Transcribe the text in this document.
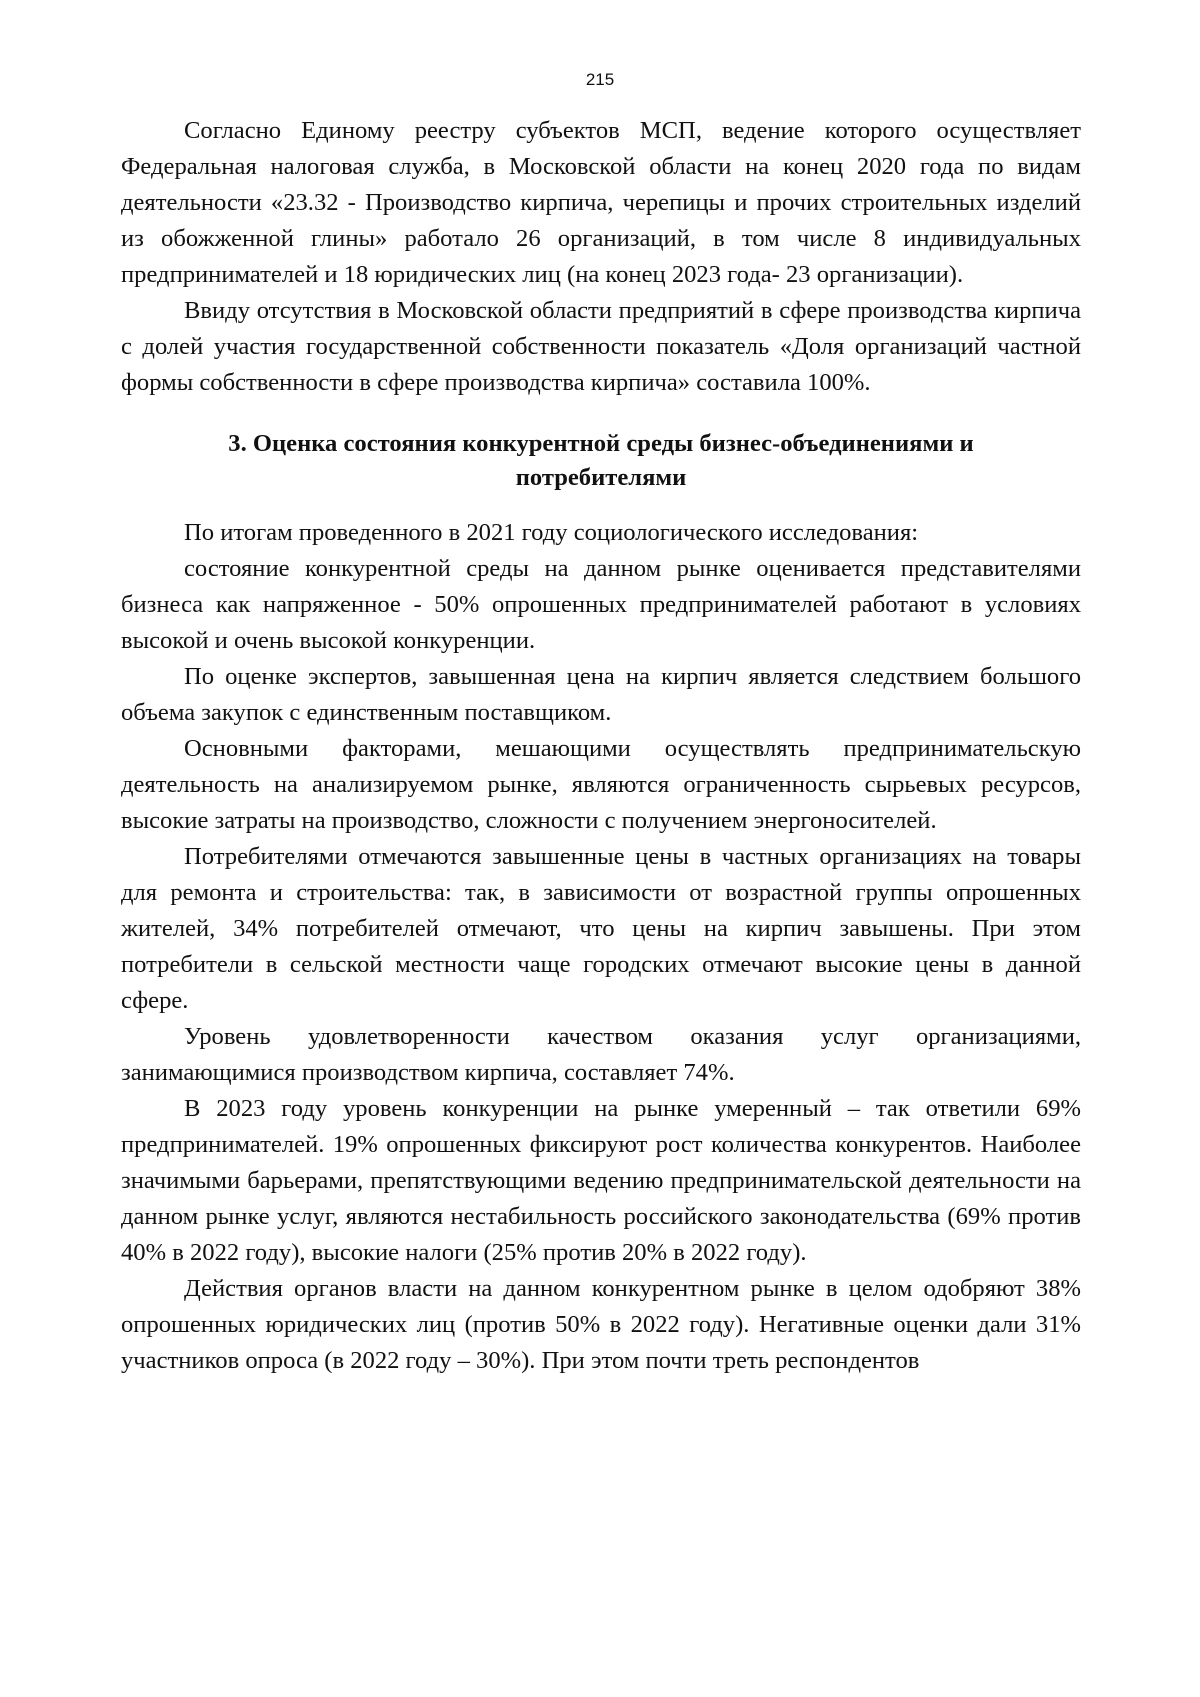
215

Согласно Единому реестру субъектов МСП, ведение которого осуществляет Федеральная налоговая служба, в Московской области на конец 2020 года по видам деятельности «23.32 - Производство кирпича, черепицы и прочих строительных изделий из обожженной глины» работало 26 организаций, в том числе 8 индивидуальных предпринимателей и 18 юридических лиц (на конец 2023 года- 23 организации).

Ввиду отсутствия в Московской области предприятий в сфере производства кирпича с долей участия государственной собственности показатель «Доля организаций частной формы собственности в сфере производства кирпича» составила 100%.

3. Оценка состояния конкурентной среды бизнес-объединениями и потребителями

По итогам проведенного в 2021 году социологического исследования:

состояние конкурентной среды на данном рынке оценивается представителями бизнеса как напряженное - 50% опрошенных предпринимателей работают в условиях высокой и очень высокой конкуренции.

По оценке экспертов, завышенная цена на кирпич является следствием большого объема закупок с единственным поставщиком.

Основными факторами, мешающими осуществлять предпринимательскую деятельность на анализируемом рынке, являются ограниченность сырьевых ресурсов, высокие затраты на производство, сложности с получением энергоносителей.

Потребителями отмечаются завышенные цены в частных организациях на товары для ремонта и строительства: так, в зависимости от возрастной группы опрошенных жителей, 34% потребителей отмечают, что цены на кирпич завышены. При этом потребители в сельской местности чаще городских отмечают высокие цены в данной сфере.

Уровень удовлетворенности качеством оказания услуг организациями, занимающимися производством кирпича, составляет 74%.

В 2023 году уровень конкуренции на рынке умеренный – так ответили 69% предпринимателей. 19% опрошенных фиксируют рост количества конкурентов. Наиболее значимыми барьерами, препятствующими ведению предпринимательской деятельности на данном рынке услуг, являются нестабильность российского законодательства (69% против 40% в 2022 году), высокие налоги (25% против 20% в 2022 году).

Действия органов власти на данном конкурентном рынке в целом одобряют 38% опрошенных юридических лиц (против 50% в 2022 году). Негативные оценки дали 31% участников опроса (в 2022 году – 30%). При этом почти треть респондентов
